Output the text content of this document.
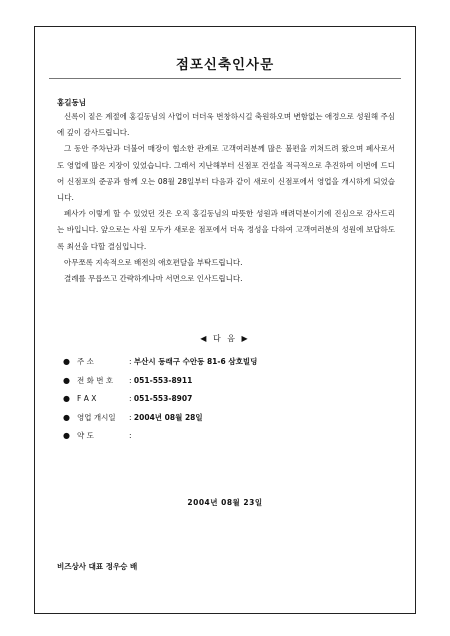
점포신축인사문
홍길동님

신록이 짙은 계절에 홍길동님의 사업이 더더욱 번창하시길 축원하오며 변함없는 애정으로 성원해 주심에 깊이 감사드립니다.

그 동안 주차난과 더불어 매장이 협소한 관계로 고객여러분께 많은 불편을 끼쳐드려 왔으며 폐사로서도 영업에 많은 지장이 있었습니다. 그래서 지난해부터 신점포 건설을 적극적으로 추진하여 이번에 드디어 신점포의 준공과 함께 오는 08월 28일부터 다음과 같이 새로이 신점포에서 영업을 개시하게 되었습니다.

폐사가 이렇게 할 수 있었던 것은 오직 홍길동님의 따뜻한 성원과 배려덕분이기에 진심으로 감사드리는 바입니다. 앞으로는 사원 모두가 새로운 점포에서 더욱 정성을 다하여 고객여러분의 성원에 보답하도록 최선을 다할 결심입니다.

아무쪼록 지속적으로 배전의 애호편달을 부탁드립니다.

결례를 무릅쓰고 간략하게나마 서면으로 인사드립니다.

◀ 다 음 ▶
● 주 소	: 부산시 동래구 수안동 81-6 삼호빌딩
● 전 화 번 호 : 051-553-8911
● F A X	: 051-553-8907
● 영업 개시일 : 2004년 08월 28일
● 약 도	:
2004년 08월 23일
비즈상사 대표 정우승 배
